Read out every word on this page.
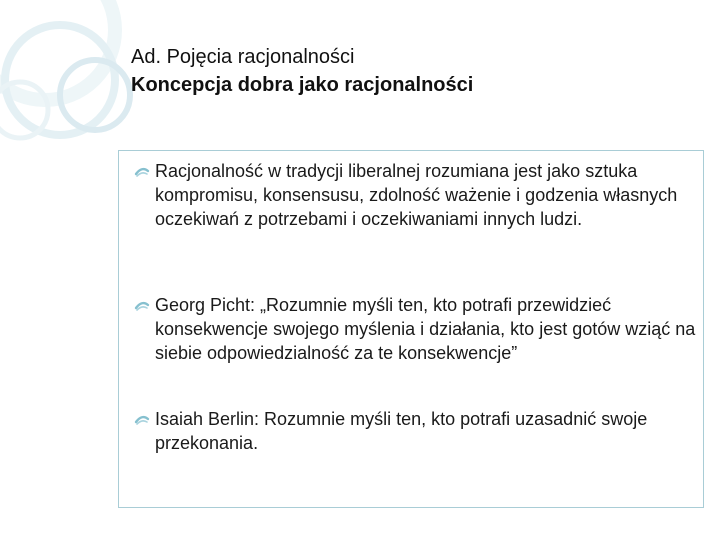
Ad. Pojęcia racjonalności
Koncepcja dobra jako racjonalności
Racjonalność w tradycji liberalnej rozumiana jest jako sztuka kompromisu, konsensusu, zdolność ważenie i godzenia własnych oczekiwań z potrzebami i oczekiwaniami innych ludzi.
Georg Picht: „Rozumnie myśli ten, kto potrafi przewidzieć konsekwencje swojego myślenia i działania, kto jest gotów wziąć na siebie odpowiedzialność za te konsekwencje”
Isaiah Berlin: Rozumnie myśli ten, kto potrafi uzasadnić swoje przekonania.
